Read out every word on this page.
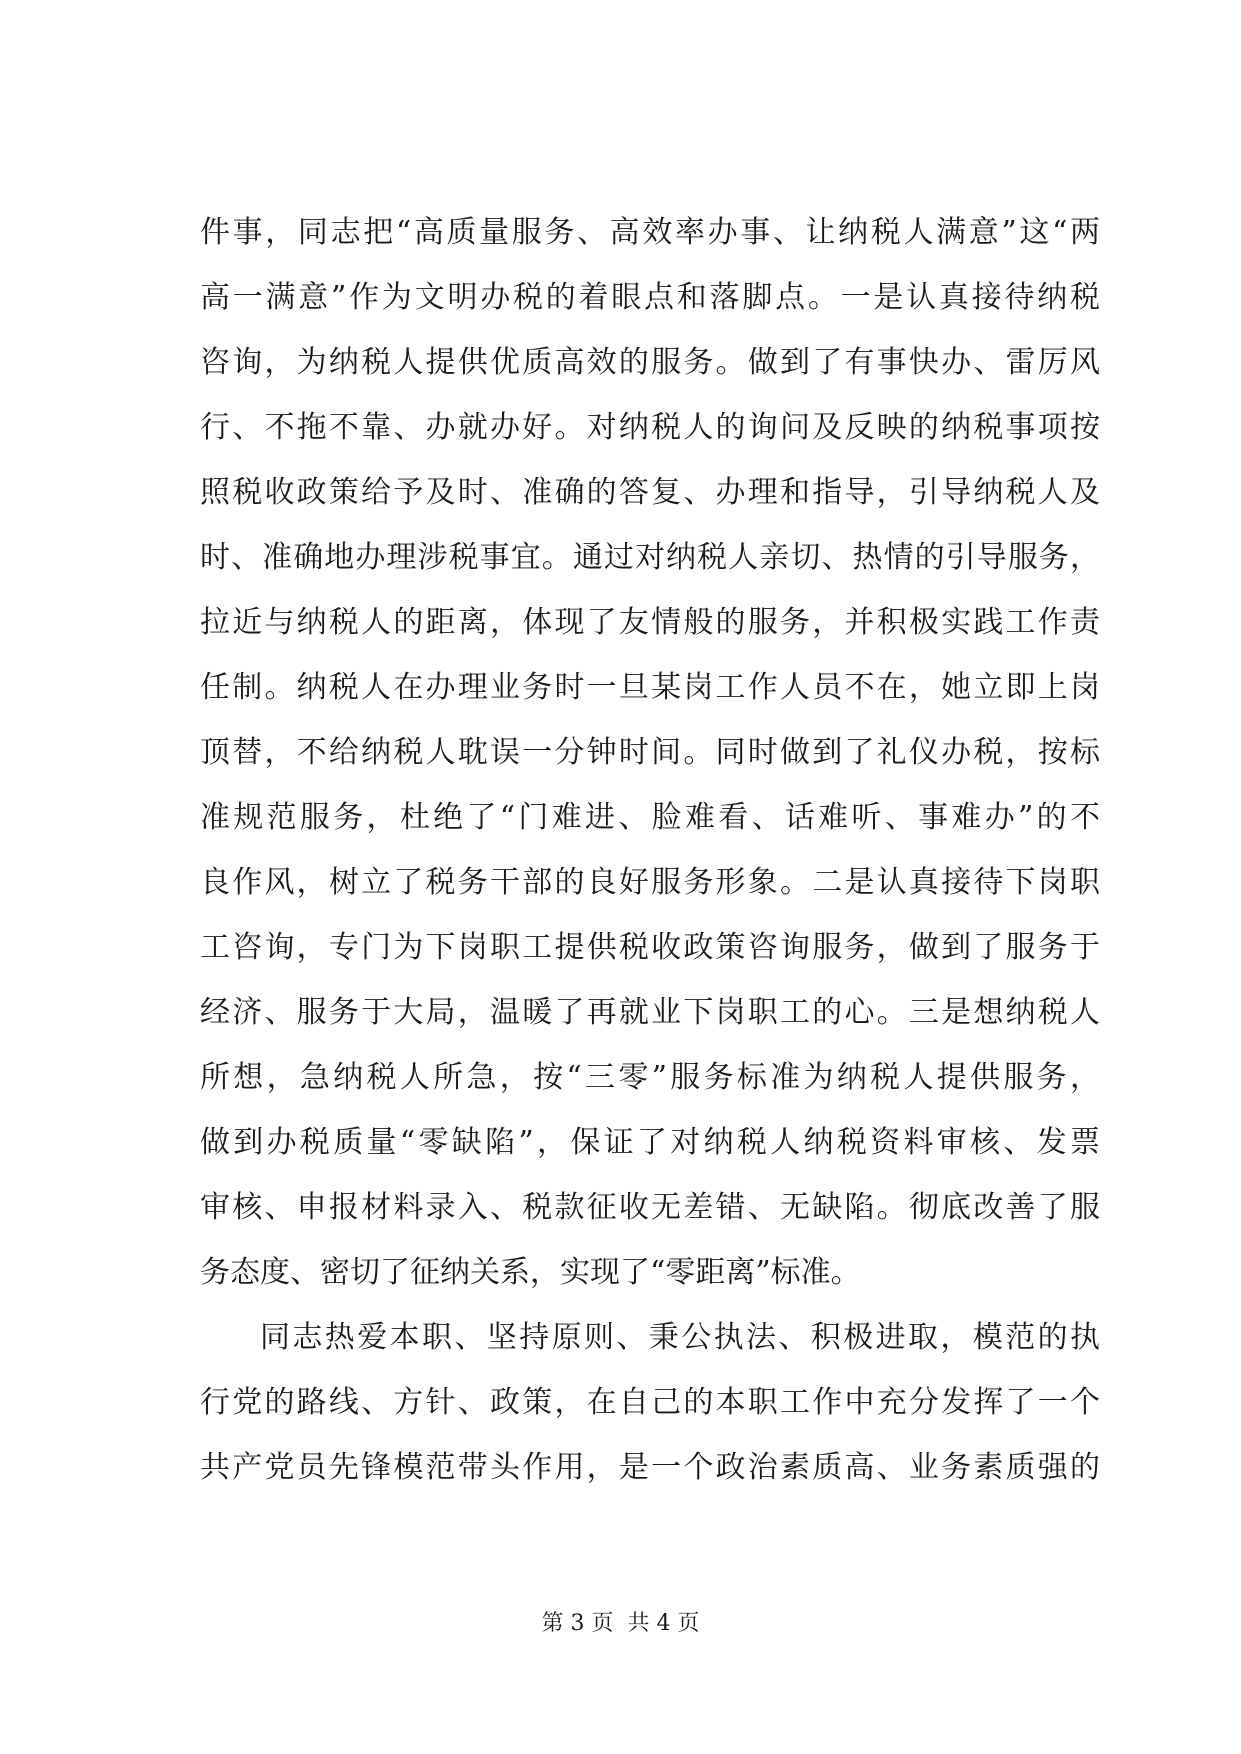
件事，同志把“高质量服务、高效率办事、让纳税人满意”这“两
高一满意”作为文明办税的着眼点和落脚点。一是认真接待纳税
咨询，为纳税人提供优质高效的服务。做到了有事快办、雷厉风
行、不拖不靠、办就办好。对纳税人的询问及反映的纳税事项按
照税收政策给予及时、准确的答复、办理和指导，引导纳税人及
时、准确地办理涉税事宜。通过对纳税人亲切、热情的引导服务，
拉近与纳税人的距离，体现了友情般的服务，并积极实践工作责
任制。纳税人在办理业务时一旦某岗工作人员不在，她立即上岗
顶替，不给纳税人耽误一分钟时间。同时做到了礼仪办税，按标
准规范服务，杜绝了“门难进、脸难看、话难听、事难办”的不
良作风，树立了税务干部的良好服务形象。二是认真接待下岗职
工咨询，专门为下岗职工提供税收政策咨询服务，做到了服务于
经济、服务于大局，温暖了再就业下岗职工的心。三是想纳税人
所想，急纳税人所急，按“三零”服务标准为纳税人提供服务，
做到办税质量“零缺陷”，保证了对纳税人纳税资料审核、发票
审核、申报材料录入、税款征收无差错、无缺陷。彻底改善了服
务态度、密切了征纳关系，实现了“零距离”标准。
同志热爱本职、坚持原则、秉公执法、积极进取，模范的执
行党的路线、方针、政策，在自己的本职工作中充分发挥了一个
共产党员先锋模范带头作用，是一个政治素质高、业务素质强的
第 3 页  共 4 页
